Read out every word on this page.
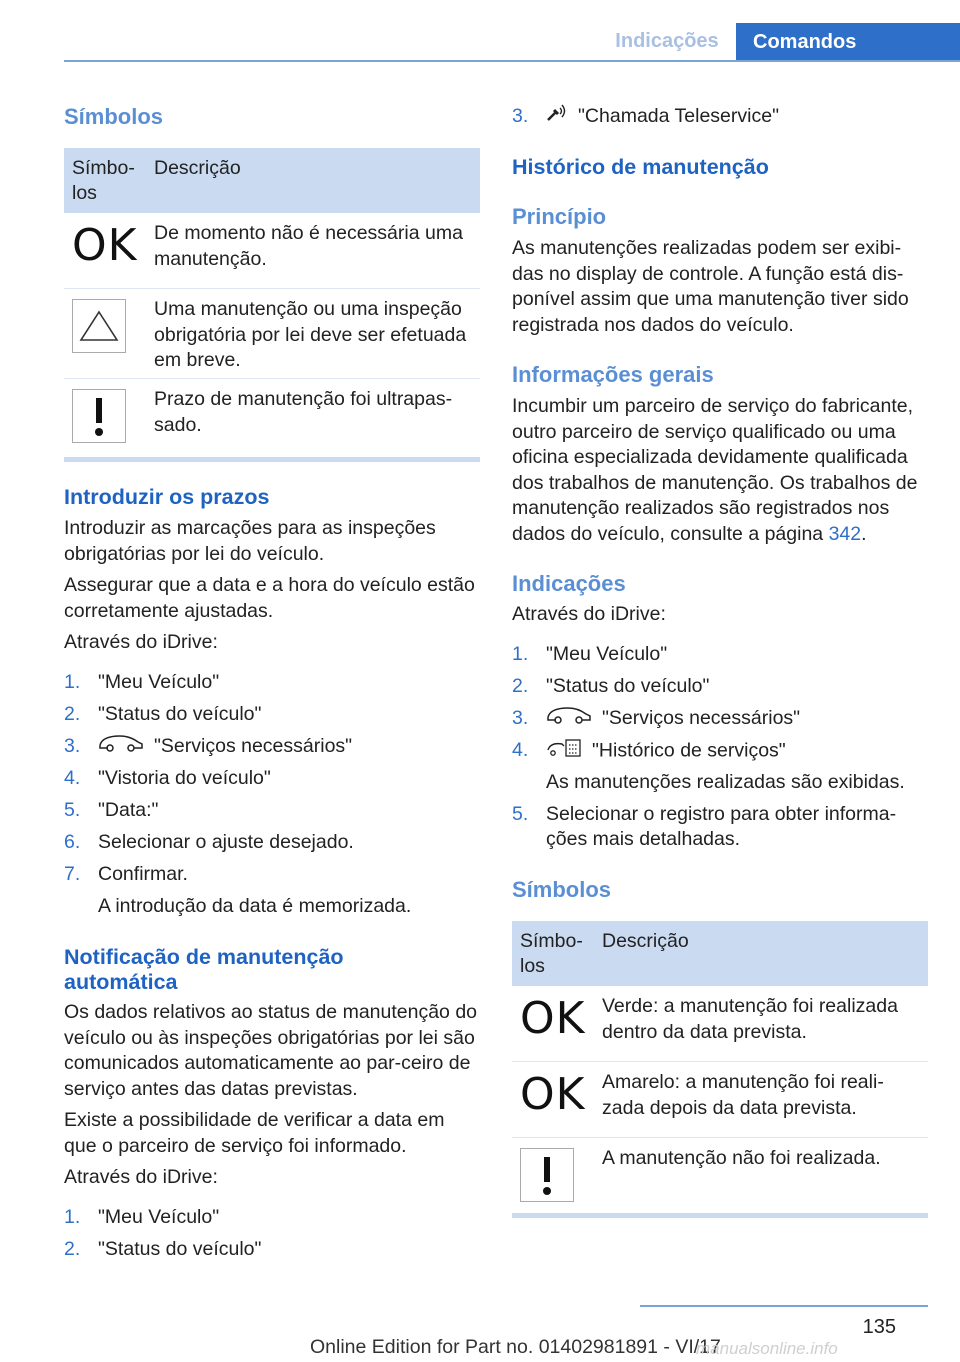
Indicações	Comandos
Símbolos
Símbo-los
Descrição
OK De momento não é necessária uma manutenção.
Uma manutenção ou uma inspeção obrigatória por lei deve ser efetuada em breve.
Prazo de manutenção foi ultrapas-sado.
Introduzir os prazos
Introduzir as marcações para as inspeções obrigatórias por lei do veículo.
Assegurar que a data e a hora do veículo estão corretamente ajustadas.
Através do iDrive:
1. "Meu Veículo"
2. "Status do veículo"
3.	"Serviços necessários"
4. "Vistoria do veículo"
5. "Data:"
6. Selecionar o ajuste desejado.
7. Confirmar.
A introdução da data é memorizada.
Notificação de manutenção
automática
Os dados relativos ao status de manutenção do veículo ou às inspeções obrigatórias por lei são comunicados automaticamente ao par-ceiro de serviço antes das datas previstas.
Existe a possibilidade de verificar a data em que o parceiro de serviço foi informado.
Através do iDrive:
1. "Meu Veículo"
2. "Status do veículo"
3.	"Chamada Teleservice"
Histórico de manutenção
Princípio
As manutenções realizadas podem ser exibi-das no display de controle. A função está dis-ponível assim que uma manutenção tiver sido registrada nos dados do veículo.
Informações gerais
Incumbir um parceiro de serviço do fabricante, outro parceiro de serviço qualificado ou uma oficina especializada devidamente qualificada dos trabalhos de manutenção. Os trabalhos de manutenção realizados são registrados nos dados do veículo, consulte a página 342.
Indicações
Através do iDrive:
1. "Meu Veículo"
2. "Status do veículo"
3.	"Serviços necessários"
4.	"Histórico de serviços"
As manutenções realizadas são exibidas.
5. Selecionar o registro para obter informa-ções mais detalhadas.
Símbolos
Símbo-los
Descrição
OK Verde: a manutenção foi realizada dentro da data prevista.
OK Amarelo: a manutenção foi reali-zada depois da data prevista.
A manutenção não foi realizada.
135
Online Edition for Part no. 01402981891 - VI/17
manualsonline.info
